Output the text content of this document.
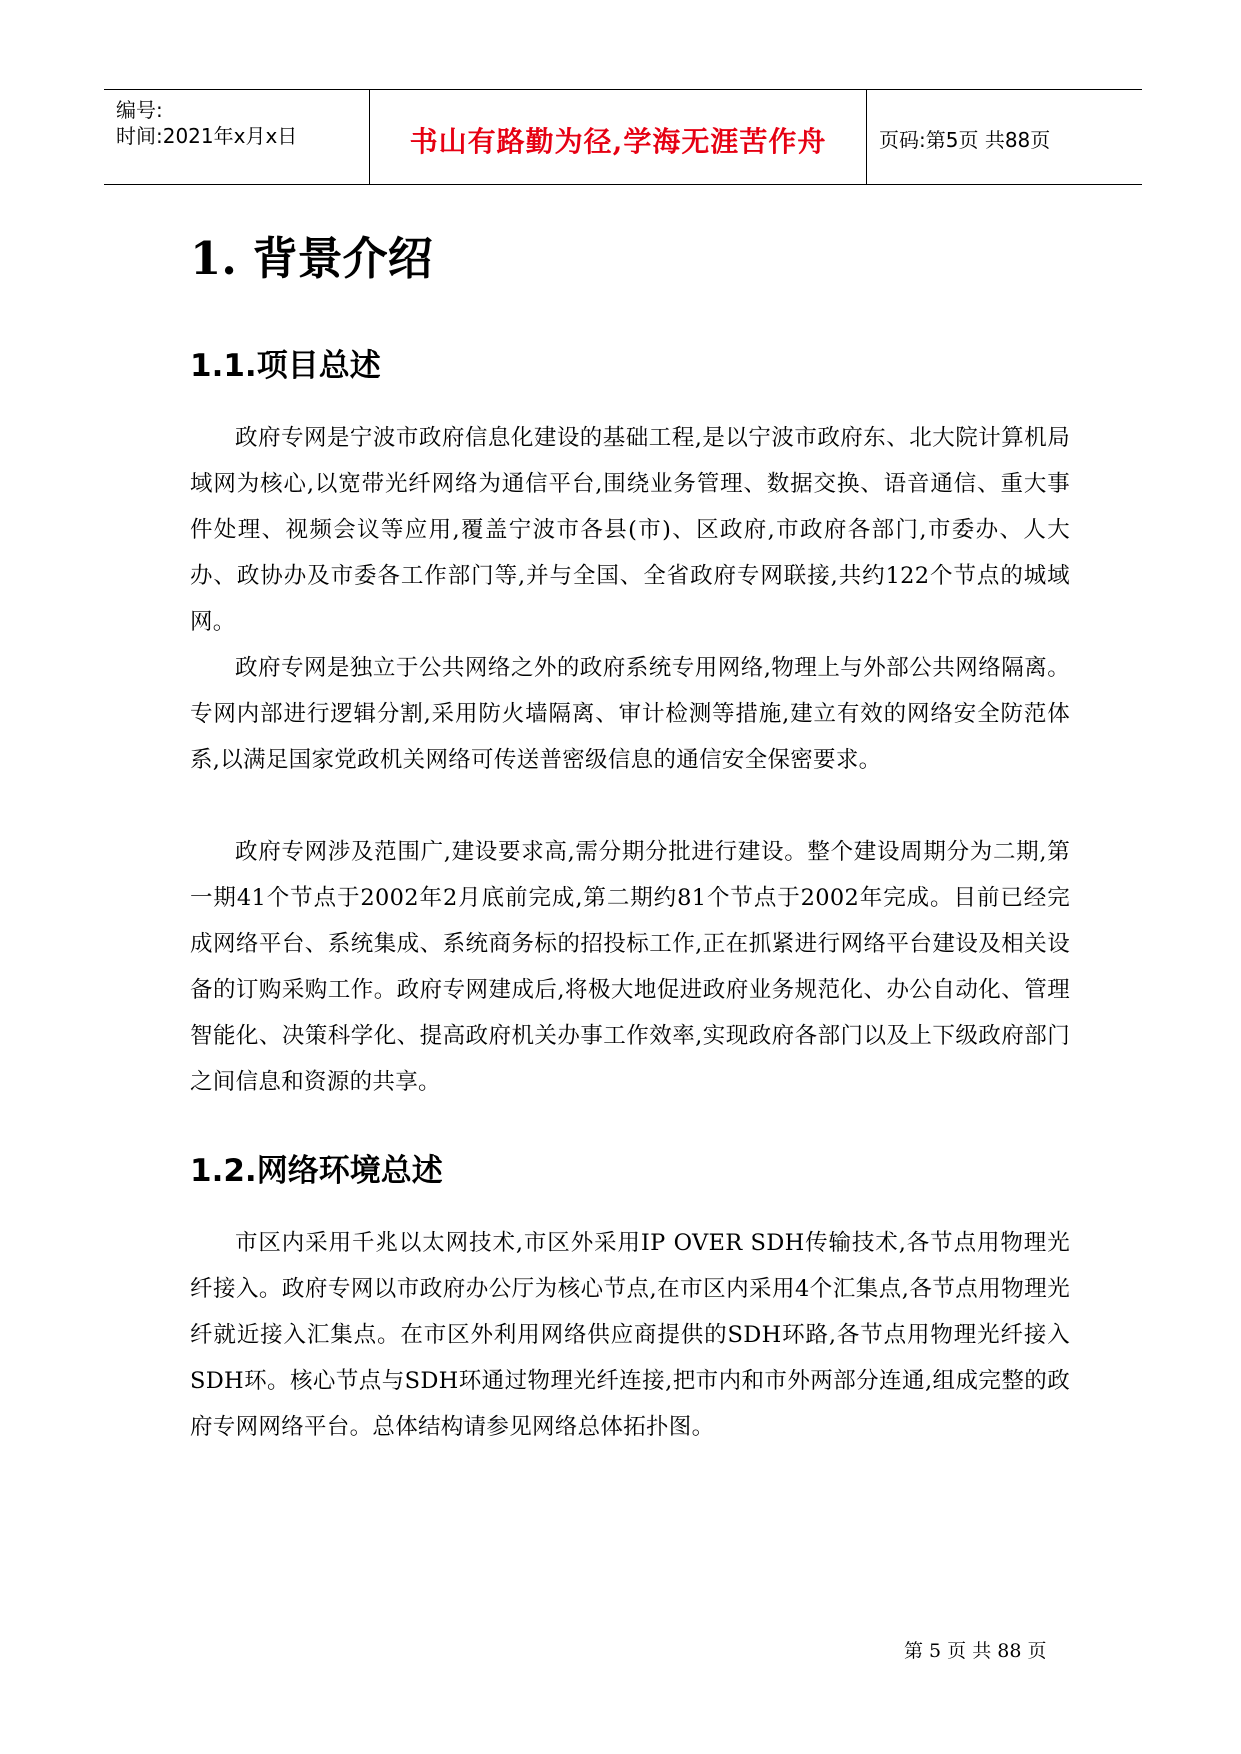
编号:
时间:2021年x月x日	书山有路勤为径,学海无涯苦作舟	页码:第5页 共88页
1. 背景介绍
1.1.项目总述

政府专网是宁波市政府信息化建设的基础工程,是以宁波市政府东、北大院计算机局域网为核心,以宽带光纤网络为通信平台,围绕业务管理、数据交换、语音通信、重大事件处理、视频会议等应用,覆盖宁波市各县(市)、区政府,市政府各部门,市委办、人大办、政协办及市委各工作部门等,并与全国、全省政府专网联接,共约122个节点的城域网。

政府专网是独立于公共网络之外的政府系统专用网络,物理上与外部公共网络隔离。专网内部进行逻辑分割,采用防火墙隔离、审计检测等措施,建立有效的网络安全防范体系,以满足国家党政机关网络可传送普密级信息的通信安全保密要求。

政府专网涉及范围广,建设要求高,需分期分批进行建设。整个建设周期分为二期,第一期41个节点于2002年2月底前完成,第二期约81个节点于2002年完成。目前已经完成网络平台、系统集成、系统商务标的招投标工作,正在抓紧进行网络平台建设及相关设备的订购采购工作。政府专网建成后,将极大地促进政府业务规范化、办公自动化、管理智能化、决策科学化、提高政府机关办事工作效率,实现政府各部门以及上下级政府部门之间信息和资源的共享。

1.2.网络环境总述

市区内采用千兆以太网技术,市区外采用IP OVER SDH传输技术,各节点用物理光纤接入。政府专网以市政府办公厅为核心节点,在市区内采用4个汇集点,各节点用物理光纤就近接入汇集点。在市区外利用网络供应商提供的SDH环路,各节点用物理光纤接入SDH环。核心节点与SDH环通过物理光纤连接,把市内和市外两部分连通,组成完整的政府专网网络平台。总体结构请参见网络总体拓扑图。

第 5 页 共 88 页
